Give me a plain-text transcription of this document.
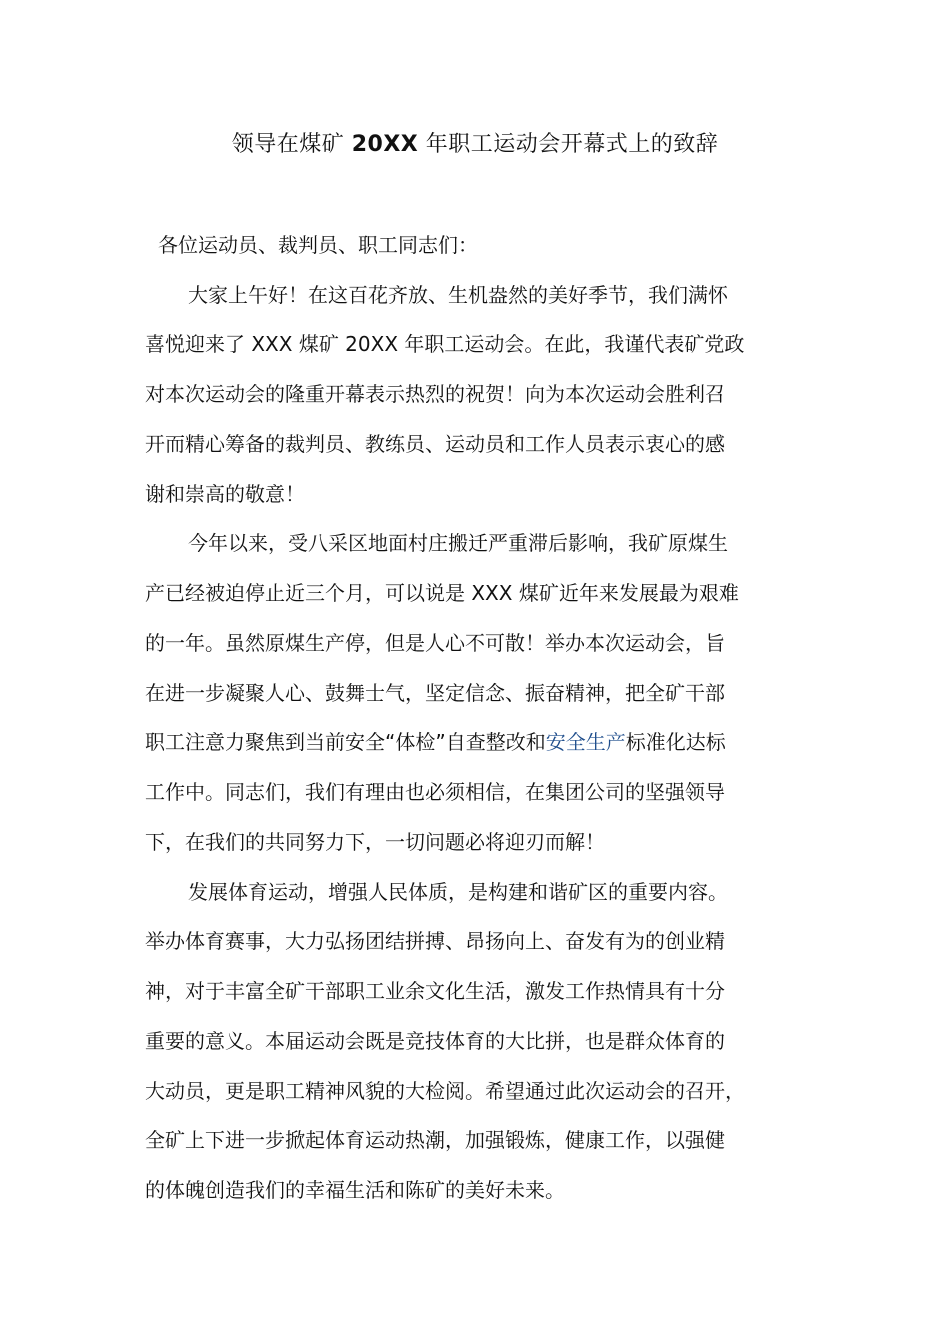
领导在煤矿 20XX 年职工运动会开幕式上的致辞

各位运动员、裁判员、职工同志们：

大家上午好！在这百花齐放、生机盎然的美好季节，我们满怀

喜悦迎来了 XXX 煤矿 20XX 年职工运动会。在此，我谨代表矿党政

对本次运动会的隆重开幕表示热烈的祝贺！向为本次运动会胜利召

开而精心筹备的裁判员、教练员、运动员和工作人员表示衷心的感

谢和崇高的敬意！

今年以来，受八采区地面村庄搬迁严重滞后影响，我矿原煤生

产已经被迫停止近三个月，可以说是 XXX 煤矿近年来发展最为艰难

的一年。虽然原煤生产停，但是人心不可散！举办本次运动会，旨

在进一步凝聚人心、鼓舞士气，坚定信念、振奋精神，把全矿干部

职工注意力聚焦到当前安全“体检”自查整改和安全生产标准化达标

工作中。同志们，我们有理由也必须相信，在集团公司的坚强领导

下，在我们的共同努力下，一切问题必将迎刃而解！

发展体育运动，增强人民体质，是构建和谐矿区的重要内容。

举办体育赛事，大力弘扬团结拼搏、昂扬向上、奋发有为的创业精

神，对于丰富全矿干部职工业余文化生活，激发工作热情具有十分

重要的意义。本届运动会既是竞技体育的大比拼，也是群众体育的

大动员，更是职工精神风貌的大检阅。希望通过此次运动会的召开，

全矿上下进一步掀起体育运动热潮，加强锻炼，健康工作，以强健

的体魄创造我们的幸福生活和陈矿的美好未来。
